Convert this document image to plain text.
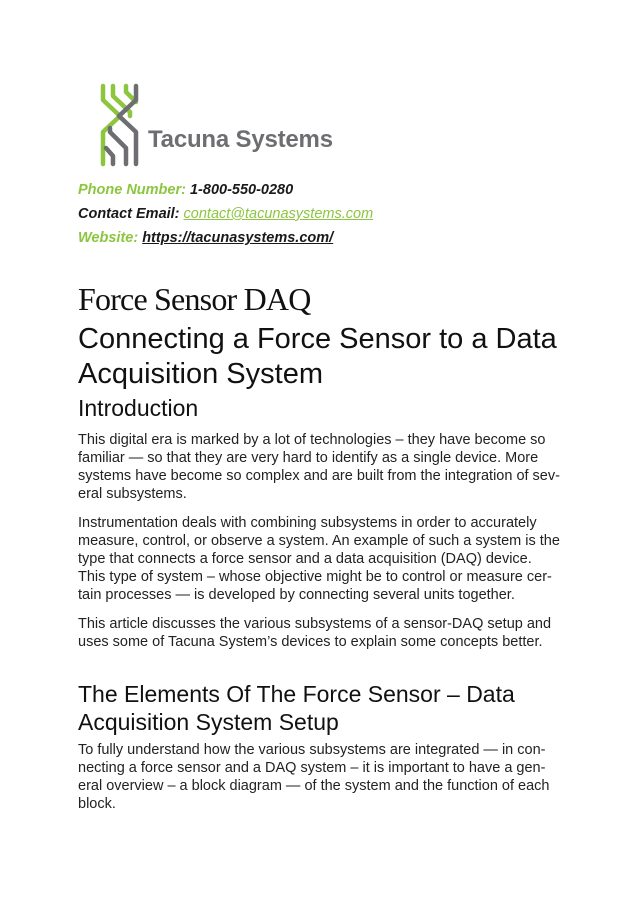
Tacuna Systems
Phone Number: 1-800-550-0280
Contact Email: contact@tacunasystems.com
Website: https://tacunasystems.com/
Force Sensor DAQ
Connecting a Force Sensor to a Data Acquisition System
Introduction
This digital era is marked by a lot of technologies – they have become so
familiar — so that they are very hard to identify as a single device. More
systems have become so complex and are built from the integration of sev-
eral subsystems.
Instrumentation deals with combining subsystems in order to accurately
measure, control, or observe a system. An example of such a system is the
type that connects a force sensor and a data acquisition (DAQ) device.
This type of system – whose objective might be to control or measure cer-
tain processes — is developed by connecting several units together.
This article discusses the various subsystems of a sensor-DAQ setup and
uses some of Tacuna System’s devices to explain some concepts better.
The Elements Of The Force Sensor – Data Acquisition System Setup
To fully understand how the various subsystems are integrated — in con-
necting a force sensor and a DAQ system – it is important to have a gen-
eral overview – a block diagram — of the system and the function of each
block.
